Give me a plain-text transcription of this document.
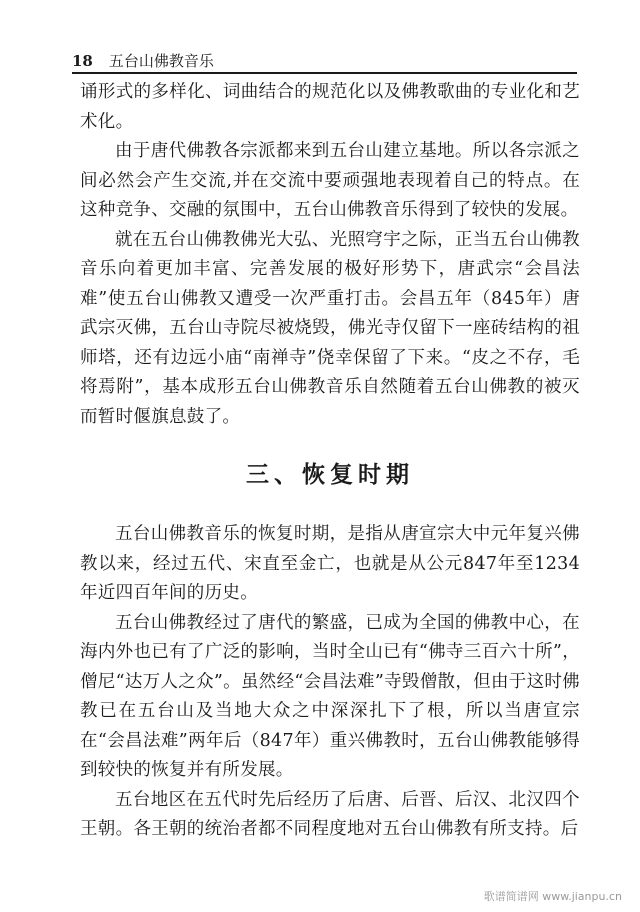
18 五台山佛教音乐

诵形式的多样化、词曲结合的规范化以及佛教歌曲的专业化和艺术化。

由于唐代佛教各宗派都来到五台山建立基地。所以各宗派之间必然会产生交流,并在交流中要顽强地表现着自己的特点。在这种竞争、交融的氛围中，五台山佛教音乐得到了较快的发展。

就在五台山佛教佛光大弘、光照穹宇之际，正当五台山佛教音乐向着更加丰富、完善发展的极好形势下，唐武宗“会昌法难”使五台山佛教又遭受一次严重打击。会昌五年（845年）唐武宗灭佛，五台山寺院尽被烧毁，佛光寺仅留下一座砖结构的祖师塔，还有边远小庙“南禅寺”侥幸保留了下来。“皮之不存，毛将焉附”，基本成形五台山佛教音乐自然随着五台山佛教的被灭而暂时偃旗息鼓了。

三、恢复时期

五台山佛教音乐的恢复时期，是指从唐宣宗大中元年复兴佛教以来，经过五代、宋直至金亡，也就是从公元847年至1234年近四百年间的历史。

五台山佛教经过了唐代的繁盛，已成为全国的佛教中心，在海内外也已有了广泛的影响，当时全山已有“佛寺三百六十所”，僧尼“达万人之众”。虽然经“会昌法难”寺毁僧散，但由于这时佛教已在五台山及当地大众之中深深扎下了根，所以当唐宣宗在“会昌法难”两年后（847年）重兴佛教时，五台山佛教能够得到较快的恢复并有所发展。

五台地区在五代时先后经历了后唐、后晋、后汉、北汉四个王朝。各王朝的统治者都不同程度地对五台山佛教有所支持。后

歌谱简谱网 www.jianpu.cn
